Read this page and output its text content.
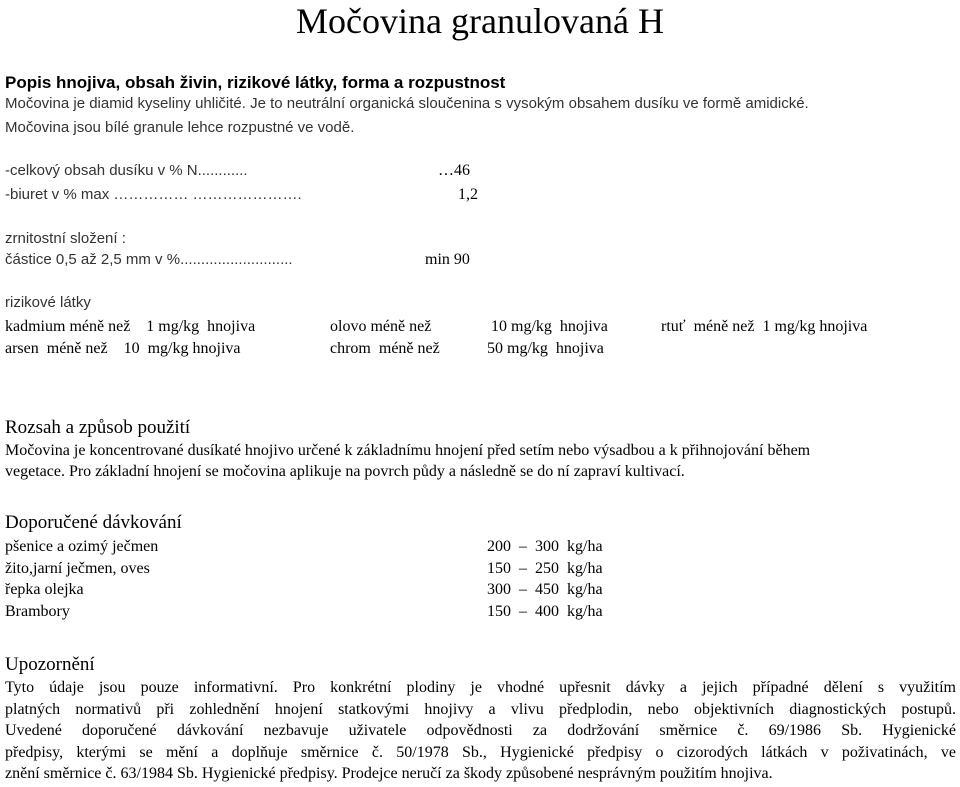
Močovina granulovaná H
Popis hnojiva, obsah živin, rizikové látky, forma a rozpustnost
Močovina je diamid kyseliny uhličité. Je to neutrální organická sloučenina s vysokým obsahem dusíku ve formě amidické.
Močovina jsou bílé granule lehce rozpustné ve vodě.
-celkový obsah dusíku v % N............	…46
-biuret v % max …………… ………………….	1,2
zrnitostní složení :
částice 0,5 až 2,5 mm v %...........................	min 90
rizikové látky
kadmium méně než    1 mg/kg  hnojiva	olovo méně než	10 mg/kg  hnojiva	rtuť  méně než  1 mg/kg hnojiva
arsen  méně než    10  mg/kg hnojiva	chrom  méně než	50 mg/kg  hnojiva
Rozsah a způsob použití
Močovina je koncentrované dusíkaté hnojivo určené k základnímu hnojení před setím nebo výsadbou a k přihnojování během
vegetace. Pro základní hnojení se močovina aplikuje na povrch půdy a následně se do ní zapraví kultivací.
Doporučené dávkování
pšenice a ozimý ječmen	200  –  300  kg/ha
žito,jarní ječmen, oves	150  –  250  kg/ha
řepka olejka	300  –  450  kg/ha
Brambory	150  –  400  kg/ha
Upozornění
Tyto údaje jsou pouze informativní. Pro konkrétní plodiny je vhodné upřesnit dávky a jejich případné dělení s využitím
platných normativů při zohlednění hnojení statkovými hnojivy a vlivu předplodin, nebo objektivních diagnostických postupů.
Uvedené doporučené dávkování nezbavuje uživatele odpovědnosti za dodržování směrnice č. 69/1986 Sb. Hygienické
předpisy, kterými se mění a doplňuje směrnice č. 50/1978 Sb., Hygienické předpisy o cizorodých látkách v poživatinách, ve
znění směrnice č. 63/1984 Sb. Hygienické předpisy. Prodejce neručí za škody způsobené nesprávným použitím hnojiva.
